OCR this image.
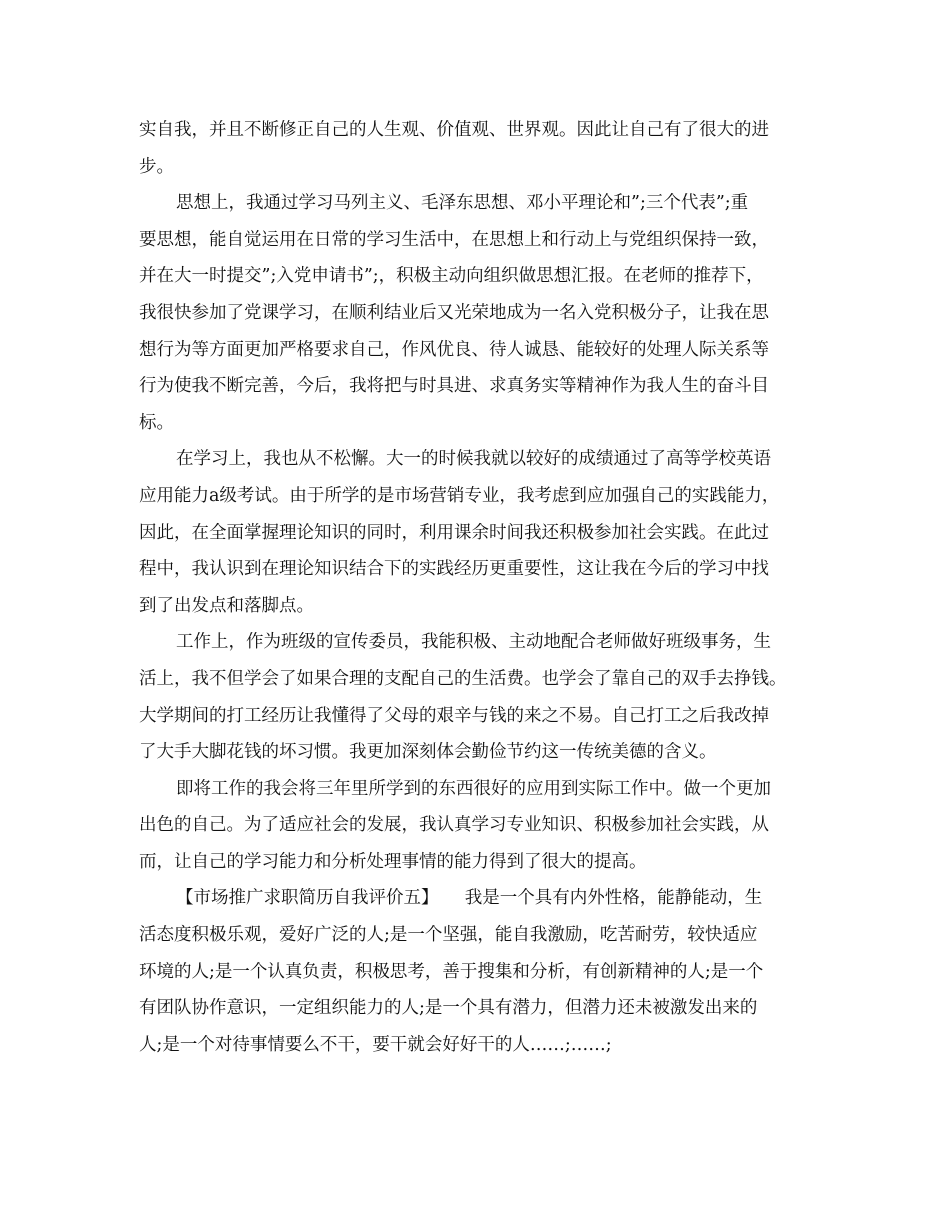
实自我，并且不断修正自己的人生观、价值观、世界观。因此让自己有了很大的进
步。
思想上，我通过学习马列主义、毛泽东思想、邓小平理论和”;三个代表”;重
要思想，能自觉运用在日常的学习生活中，在思想上和行动上与党组织保持一致，
并在大一时提交”;入党申请书”;，积极主动向组织做思想汇报。在老师的推荐下，
我很快参加了党课学习，在顺利结业后又光荣地成为一名入党积极分子，让我在思
想行为等方面更加严格要求自己，作风优良、待人诚恳、能较好的处理人际关系等
行为使我不断完善，今后，我将把与时具进、求真务实等精神作为我人生的奋斗目
标。
在学习上，我也从不松懈。大一的时候我就以较好的成绩通过了高等学校英语
应用能力a级考试。由于所学的是市场营销专业，我考虑到应加强自己的实践能力，
因此，在全面掌握理论知识的同时，利用课余时间我还积极参加社会实践。在此过
程中，我认识到在理论知识结合下的实践经历更重要性，这让我在今后的学习中找
到了出发点和落脚点。
工作上，作为班级的宣传委员，我能积极、主动地配合老师做好班级事务，生
活上，我不但学会了如果合理的支配自己的生活费。也学会了靠自己的双手去挣钱。
大学期间的打工经历让我懂得了父母的艰辛与钱的来之不易。自己打工之后我改掉
了大手大脚花钱的坏习惯。我更加深刻体会勤俭节约这一传统美德的含义。
即将工作的我会将三年里所学到的东西很好的应用到实际工作中。做一个更加
出色的自己。为了适应社会的发展，我认真学习专业知识、积极参加社会实践，从
而，让自己的学习能力和分析处理事情的能力得到了很大的提高。
【市场推广求职简历自我评价五】　　我是一个具有内外性格，能静能动，生
活态度积极乐观，爱好广泛的人;是一个坚强，能自我激励，吃苦耐劳，较快适应
环境的人;是一个认真负责，积极思考，善于搜集和分析，有创新精神的人;是一个
有团队协作意识，一定组织能力的人;是一个具有潜力，但潜力还未被激发出来的
人;是一个对待事情要么不干，要干就会好好干的人……;……;
